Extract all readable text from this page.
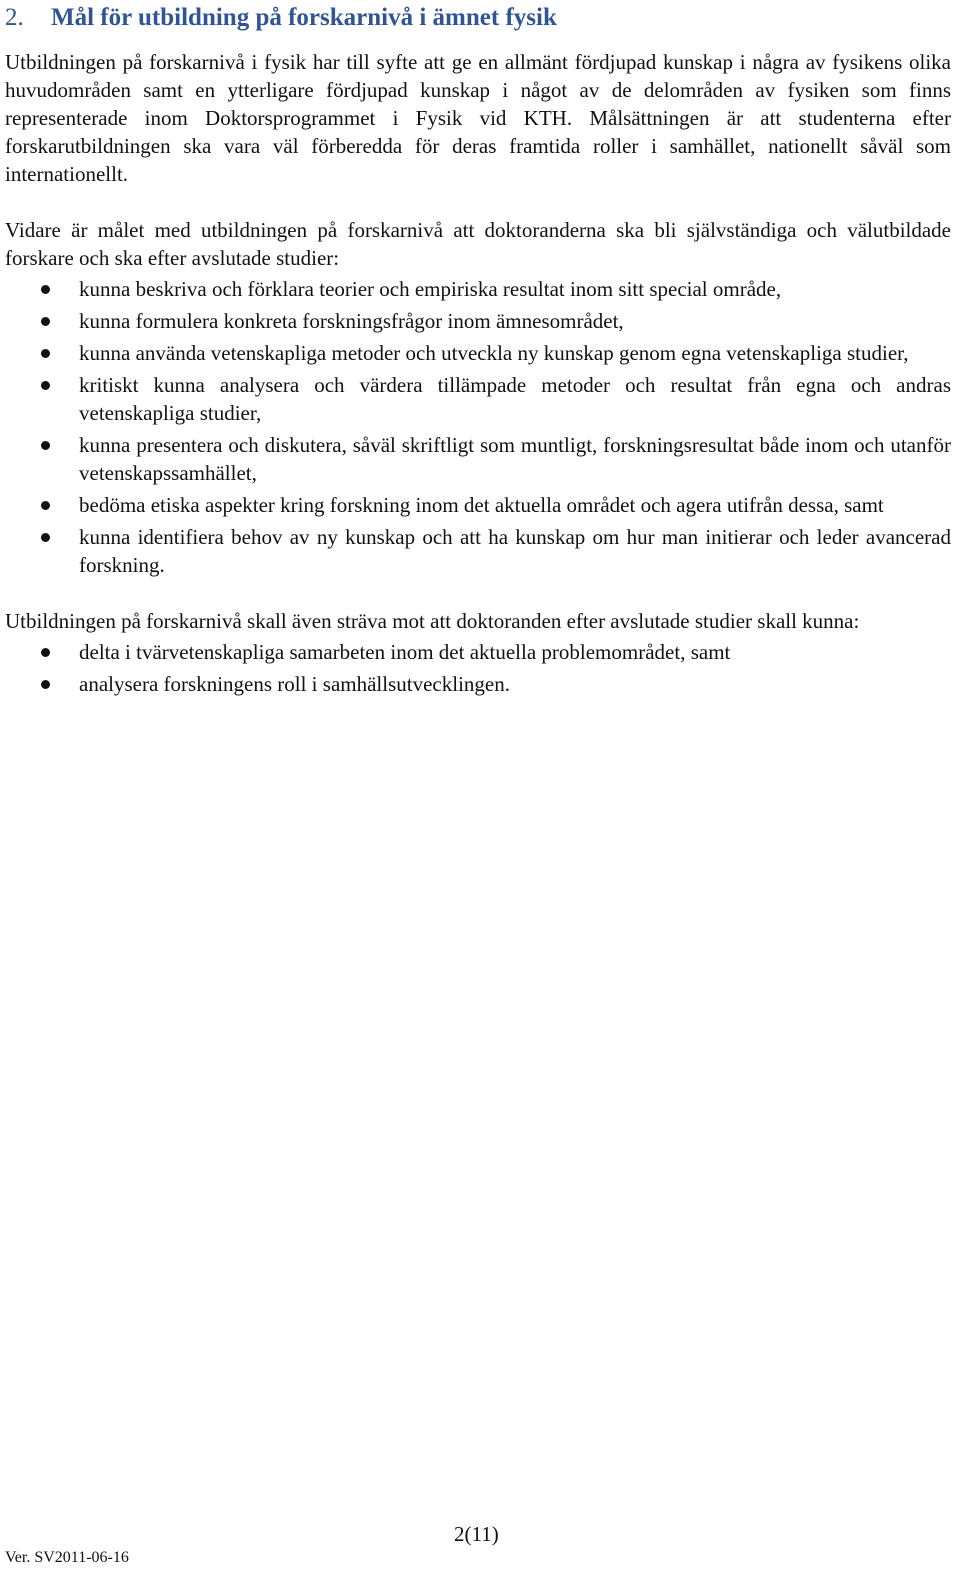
2. Mål för utbildning på forskarnivå i ämnet fysik

Utbildningen på forskarnivå i fysik har till syfte att ge en allmänt fördjupad kunskap i några av fysikens olika huvudområden samt en ytterligare fördjupad kunskap i något av de delområden av fysiken som finns representerade inom Doktorsprogrammet i Fysik vid KTH. Målsättningen är att studenterna efter forskarutbildningen ska vara väl förberedda för deras framtida roller i samhället, nationellt såväl som internationellt.

Vidare är målet med utbildningen på forskarnivå att doktoranderna ska bli självständiga och välutbildade forskare och ska efter avslutade studier:

kunna beskriva och förklara teorier och empiriska resultat inom sitt special område,
kunna formulera konkreta forskningsfrågor inom ämnesområdet,
kunna använda vetenskapliga metoder och utveckla ny kunskap genom egna vetenskapliga studier,
kritiskt kunna analysera och värdera tillämpade metoder och resultat från egna och andras vetenskapliga studier,
kunna presentera och diskutera, såväl skriftligt som muntligt, forskningsresultat både inom och utanför vetenskapssamhället,
bedöma etiska aspekter kring forskning inom det aktuella området och agera utifrån dessa, samt
kunna identifiera behov av ny kunskap och att ha kunskap om hur man initierar och leder avancerad forskning.

Utbildningen på forskarnivå skall även sträva mot att doktoranden efter avslutade studier skall kunna:

delta i tvärvetenskapliga samarbeten inom det aktuella problemområdet, samt
analysera forskningens roll i samhällsutvecklingen.
2(11)
Ver. SV2011-06-16
